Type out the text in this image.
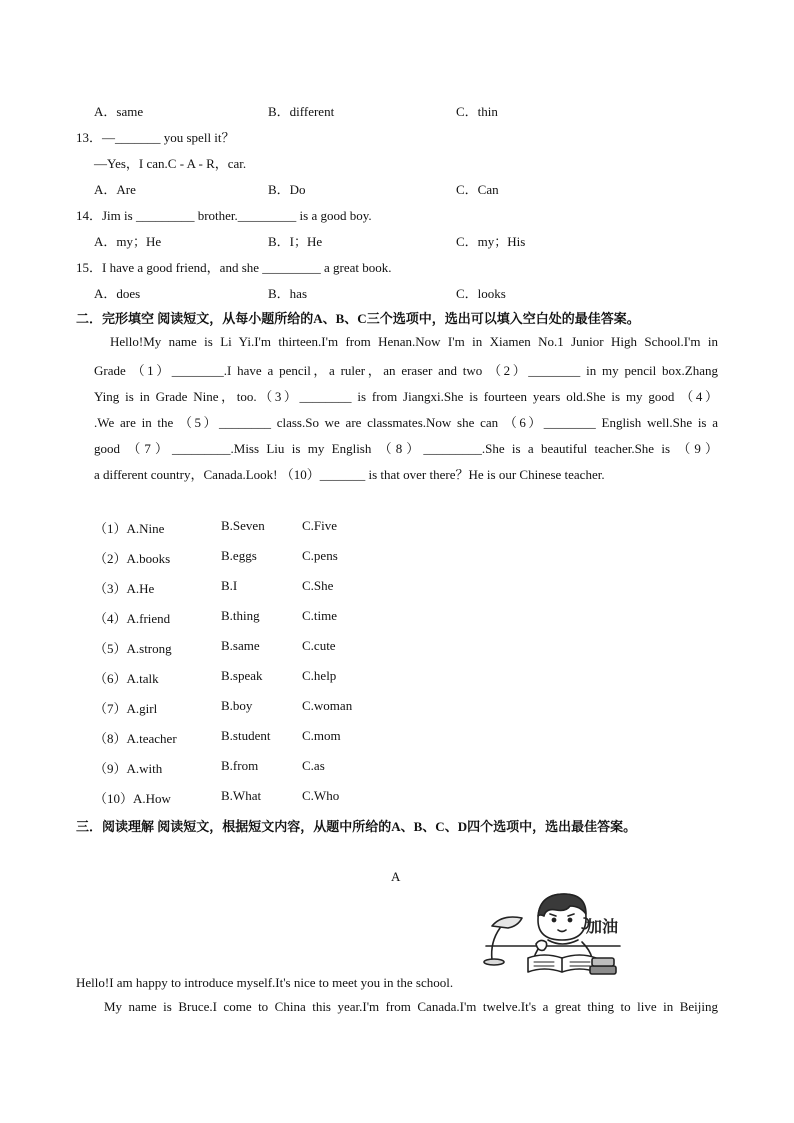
A．same	B．different	C．thin
13．—_______ you spell it？
—Yes，I can.C - A - R，car.
A．Are	B．Do	C．Can
14．Jim is _________ brother._________ is a good boy.
A．my；He	B．I；He	C．my；His
15．I have a good friend，and she _________ a great book.
A．does	B．has	C．looks
二．完形填空 阅读短文，从每小题所给的A、B、C三个选项中，选出可以填入空白处的最佳答案。
Hello!My name is Li Yi.I'm thirteen.I'm from Henan.Now I'm in Xiamen No.1 Junior High School.I'm in
Grade （1）________.I have a pencil，a ruler，an eraser and two （2）________ in my pencil box.Zhang
Ying is in Grade Nine，too.（3）________ is from Jiangxi.She is fourteen years old.She is my good （4）
.We are in the （5）________ class.So we are classmates.Now she can （6）________ English well.She is a
good （7）_________.Miss Liu is my English （8）_________.She is a beautiful teacher.She is （9）
a different country，Canada.Look! （10）_______ is that over there？He is our Chinese teacher.
（1）A.Nine	B.Seven	C.Five
（2）A.books	B.eggs	C.pens
（3）A.He	B.I	C.She
（4）A.friend	B.thing	C.time
（5）A.strong	B.same	C.cute
（6）A.talk	B.speak	C.help
（7）A.girl	B.boy	C.woman
（8）A.teacher	B.student C.mom
（9）A.with	B.from	C.as
（10）A.How	B.What	C.Who
三．阅读理解 阅读短文，根据短文内容，从题中所给的A、B、C、D四个选项中，选出最佳答案。
A
加油
Hello!I am happy to introduce myself.It's nice to meet you in the school.
My name is Bruce.I come to China this year.I'm from Canada.I'm twelve.It's a great thing to live in Beijing
